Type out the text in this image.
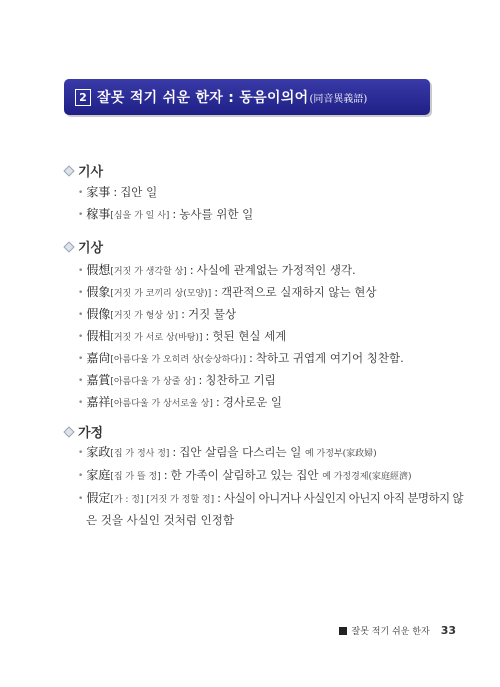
2 잘못 적기 쉬운 한자 : 동음이의어 (同音異義語)
기사
• 家事 : 집안 일
• 稼事[심을 가 일 사] : 농사를 위한 일
기상
• 假想[거짓 가 생각할 상] : 사실에 관계없는 가정적인 생각.
• 假象[거짓 가 코끼리 상(모양)] : 객관적으로 실재하지 않는 현상
• 假像[거짓 가 형상 상] : 거짓 물상
• 假相[거짓 가 서로 상(바탕)] : 헛된 현실 세계
• 嘉尙[아름다울 가 오히려 상(숭상하다)] : 착하고 귀엽게 여기어 칭찬함.
• 嘉賞[아름다울 가 상줄 상] : 칭찬하고 기림
• 嘉祥[아름다울 가 상서로울 상] : 경사로운 일
가정
• 家政[집 가 정사 정] : 집안 살림을 다스리는 일 예 가정부(家政婦)
• 家庭[집 가 뜰 정] : 한 가족이 살림하고 있는 집안 예 가정경제(家庭經濟)
• 假定[가 : 정] [거짓 가 정할 정] : 사실이 아니거나 사실인지 아닌지 아직 분명하지 않
은 것을 사실인 것처럼 인정함
잘못 적기 쉬운 한자 33
